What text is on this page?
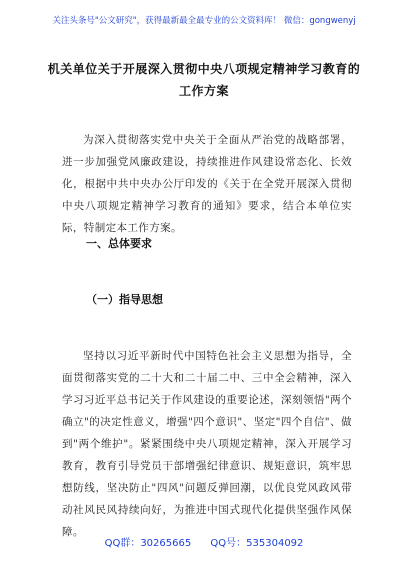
关注头条号"公文研究"，获得最新最全最专业的公文资料库！ 微信：gongwenyj
机关单位关于开展深入贯彻中央八项规定精神学习教育的
工作方案
为深入贯彻落实党中央关于全面从严治党的战略部署，进一步加强党风廉政建设，持续推进作风建设常态化、长效化，根据中共中央办公厅印发的《关于在全党开展深入贯彻中央八项规定精神学习教育的通知》要求，结合本单位实际，特制定本工作方案。
一、总体要求
（一）指导思想
坚持以习近平新时代中国特色社会主义思想为指导，全面贯彻落实党的二十大和二十届二中、三中全会精神，深入学习习近平总书记关于作风建设的重要论述，深刻领悟"两个确立"的决定性意义，增强"四个意识"、坚定"四个自信"、做到"两个维护"。紧紧围绕中央八项规定精神，深入开展学习教育，教育引导党员干部增强纪律意识、规矩意识，筑牢思想防线，坚决防止"四风"问题反弹回潮，以优良党风政风带动社风民风持续向好，为推进中国式现代化提供坚强作风保障。
QQ群：30265665 QQ号：535304092
